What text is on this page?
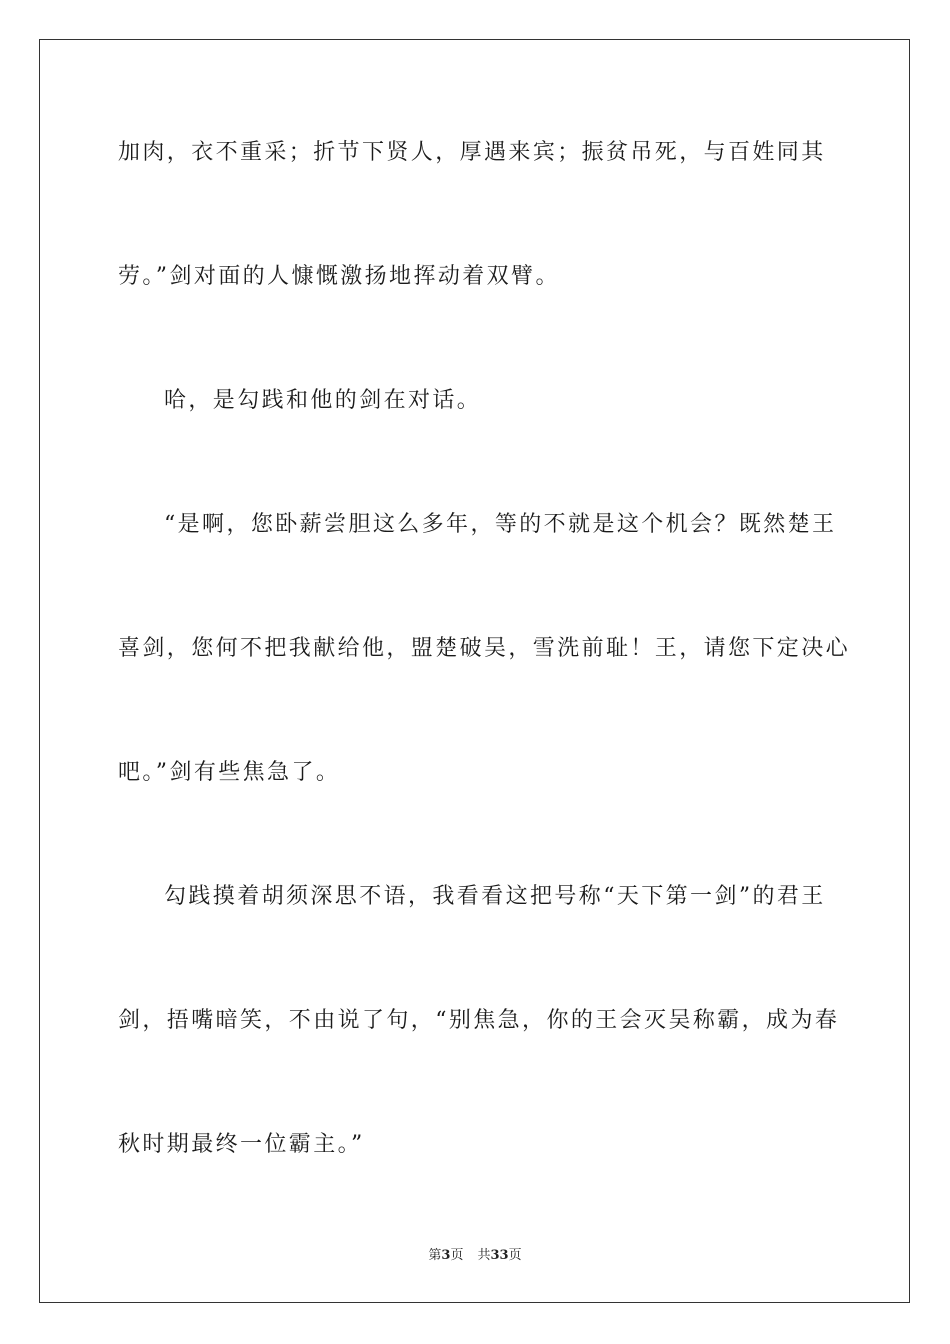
加肉，衣不重采；折节下贤人，厚遇来宾；振贫吊死，与百姓同其
劳。”剑对面的人慷慨激扬地挥动着双臂。
哈，是勾践和他的剑在对话。
“是啊，您卧薪尝胆这么多年，等的不就是这个机会？既然楚王
喜剑，您何不把我献给他，盟楚破吴，雪洗前耻！王，请您下定决心
吧。”剑有些焦急了。
勾践摸着胡须深思不语，我看看这把号称“天下第一剑”的君王
剑，捂嘴暗笑，不由说了句，“别焦急，你的王会灭吴称霸，成为春
秋时期最终一位霸主。”
第3页 共33页
